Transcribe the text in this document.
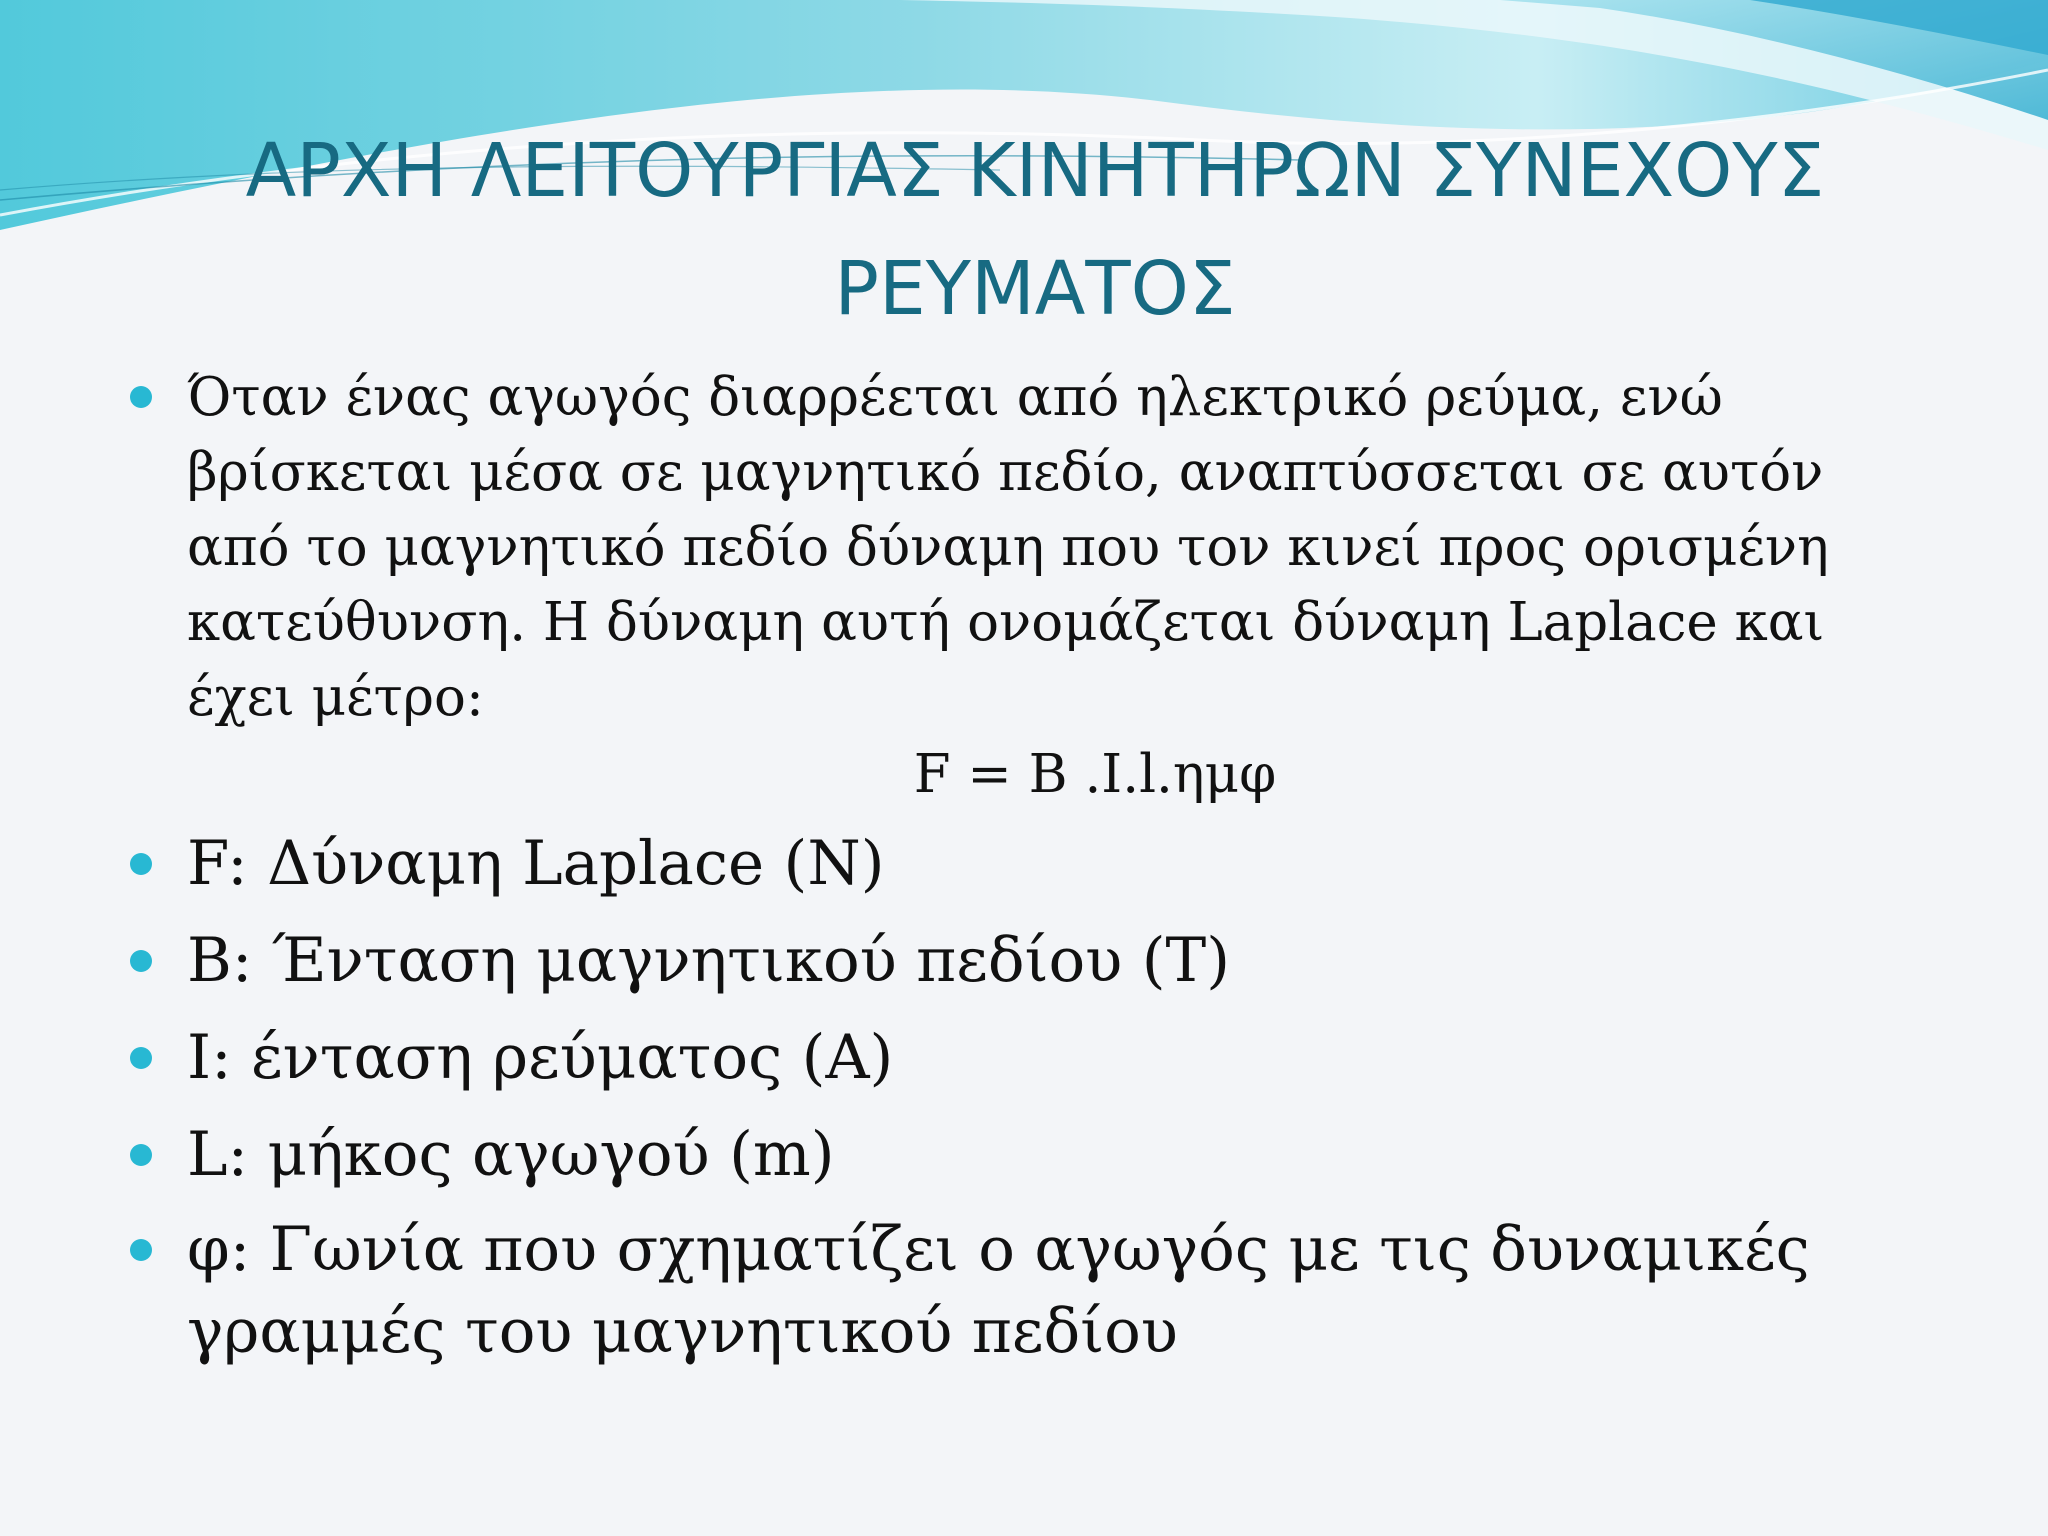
ΑΡΧΗ ΛΕΙΤΟΥΡΓΙΑΣ ΚΙΝΗΤΗΡΩΝ ΣΥΝΕΧΟΥΣ ΡΕΥΜΑΤΟΣ
Όταν ένας αγωγός διαρρέεται από ηλεκτρικό ρεύμα, ενώ βρίσκεται μέσα σε μαγνητικό πεδίο, αναπτύσσεται σε αυτόν από το μαγνητικό πεδίο δύναμη που τον κινεί προς ορισμένη κατεύθυνση. Η δύναμη αυτή ονομάζεται δύναμη Laplace και έχει μέτρο:
F = B .I.l.ημφ
F: Δύναμη Laplace (N)
B: Ένταση μαγνητικού πεδίου (T)
I: ένταση ρεύματος (A)
L: μήκος αγωγού (m)
φ: Γωνία που σχηματίζει ο αγωγός με τις δυναμικές γραμμές του μαγνητικού πεδίου
